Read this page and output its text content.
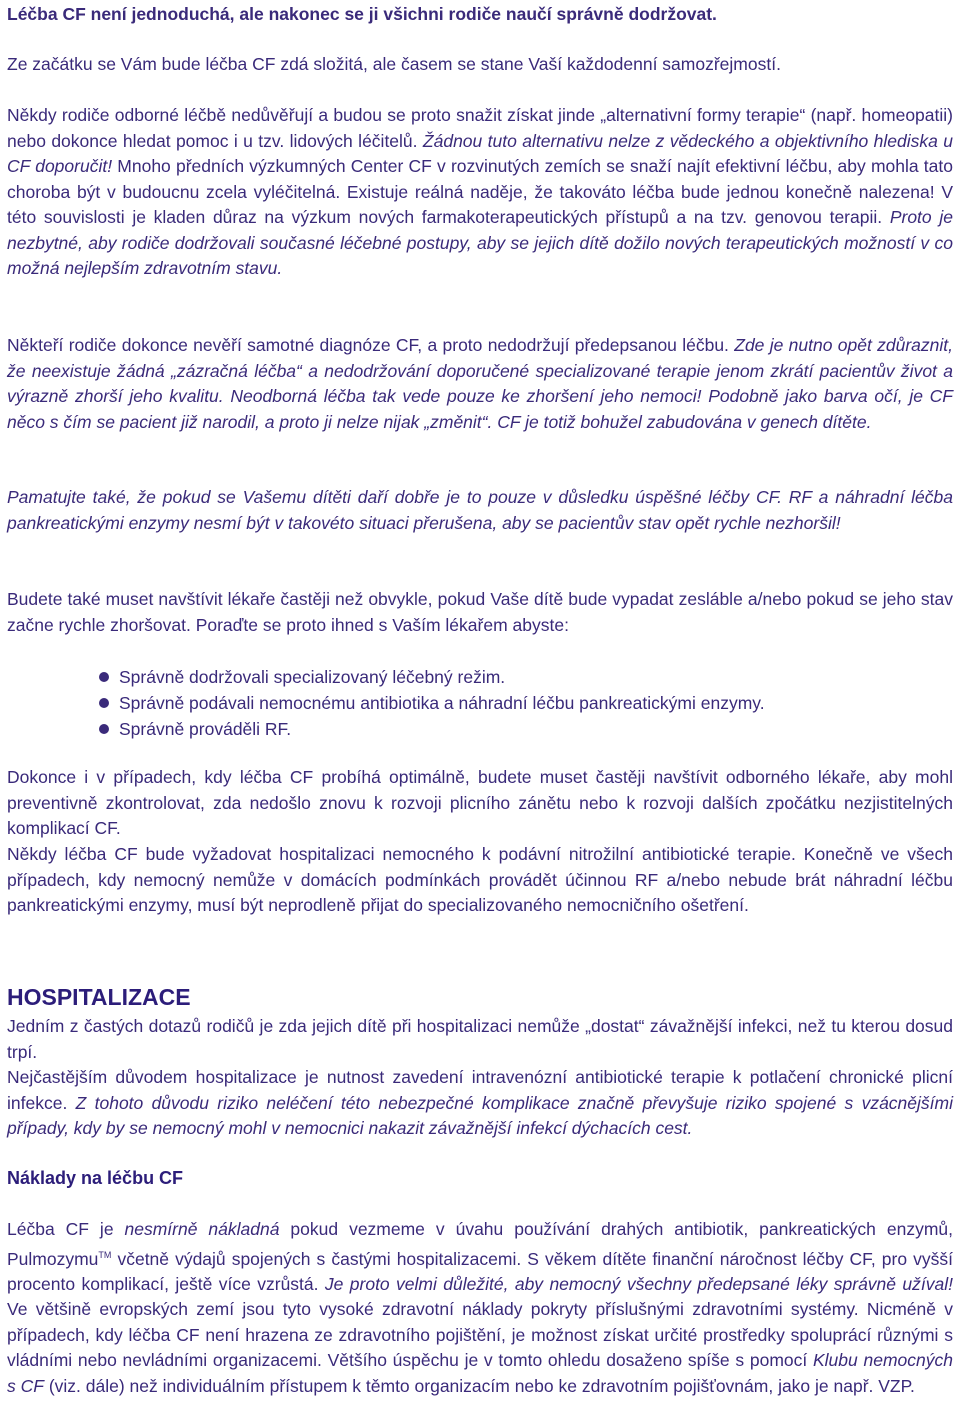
Léčba CF není jednoduchá, ale nakonec se ji všichni rodiče naučí správně dodržovat.

Ze začátku se Vám bude léčba CF zdá složitá, ale časem se stane Vaší každodenní samozřejmostí.

Někdy rodiče odborné léčbě nedůvěřují a budou se proto snažit získat jinde „alternativní formy terapie“ (např. homeopatii) nebo dokonce hledat pomoc i u tzv. lidových léčitelů. Žádnou tuto alternativu nelze z vědeckého a objektivního hlediska u CF doporučit! Mnoho předních výzkumných Center CF v rozvinutých zemích se snaží najít efektivní léčbu, aby mohla tato choroba být v budoucnu zcela vyléčitelná. Existuje reálná naděje, že takováto léčba bude jednou konečně nalezena! V této souvislosti je kladen důraz na výzkum nových farmakoterapeutických přístupů a na tzv. genovou terapii. Proto je nezbytné, aby rodiče dodržovali současné léčebné postupy, aby se jejich dítě dožilo nových terapeutických možností v co možná nejlepším zdravotním stavu.

Někteří rodiče dokonce nevěří samotné diagnóze CF, a proto nedodržují předepsanou léčbu. Zde je nutno opět zdůraznit, že neexistuje žádná „zázračná léčba“ a nedodržování doporučené specializované terapie jenom zkrátí pacientův život a výrazně zhorší jeho kvalitu. Neodborná léčba tak vede pouze ke zhoršení jeho nemoci! Podobně jako barva očí, je CF něco s čím se pacient již narodil, a proto ji nelze nijak „změnit“. CF je totiž bohužel zabudována v genech dítěte.

Pamatujte také, že pokud se Vašemu dítěti daří dobře je to pouze v důsledku úspěšné léčby CF. RF a náhradní léčba pankreatickými enzymy nesmí být v takovéto situaci přerušena, aby se pacientův stav opět rychle nezhoršil!

Budete také muset navštívit lékaře častěji než obvykle, pokud Vaše dítě bude vypadat zesláble a/nebo pokud se jeho stav začne rychle zhoršovat. Poraďte se proto ihned s Vaším lékařem abyste:

Správně dodržovali specializovaný léčebný režim.
Správně podávali nemocnému antibiotika a náhradní léčbu pankreatickými enzymy.
Správně prováděli RF.

Dokonce i v případech, kdy léčba CF probíhá optimálně, budete muset častěji navštívit odborného lékaře, aby mohl preventivně zkontrolovat, zda nedošlo znovu k rozvoji plicního zánětu nebo k rozvoji dalších zpočátku nezjistitelných komplikací CF.

Někdy léčba CF bude vyžadovat hospitalizaci nemocného k podávní nitrožilní antibiotické terapie. Konečně ve všech případech, kdy nemocný nemůže v domácích podmínkách provádět účinnou RF a/nebo nebude brát náhradní léčbu pankreatickými enzymy, musí být neprodleně přijat do specializovaného nemocničního ošetření.

HOSPITALIZACE

Jedním z častých dotazů rodičů je zda jejich dítě při hospitalizaci nemůže „dostat“ závažnější infekci, než tu kterou dosud trpí.

Nejčastějším důvodem hospitalizace je nutnost zavedení intravenózní antibiotické terapie k potlačení chronické plicní infekce. Z tohoto důvodu riziko neléčení této nebezpečné komplikace značně převyšuje riziko spojené s vzácnějšími případy, kdy by se nemocný mohl v nemocnici nakazit závažnější infekcí dýchacích cest.

Náklady na léčbu CF

Léčba CF je nesmírně nákladná pokud vezmeme v úvahu používání drahých antibiotik, pankreatických enzymů, Pulmozymu™ včetně výdajů spojených s častými hospitalizacemi. S věkem dítěte finanční náročnost léčby CF, pro vyšší procento komplikací, ještě více vzrůstá. Je proto velmi důležité, aby nemocný všechny předepsané léky správně užíval! Ve většině evropských zemí jsou tyto vysoké zdravotní náklady pokryty příslušnými zdravotními systémy. Nicméně v případech, kdy léčba CF není hrazena ze zdravotního pojištění, je možnost získat určité prostředky spoluprácí různými s vládními nebo nevládními organizacemi. Většího úspěchu je v tomto ohledu dosaženo spíše s pomocí Klubu nemocných s CF (viz. dále) než individuálním přístupem k těmto organizacím nebo ke zdravotním pojišťovnám, jako je např. VZP.
